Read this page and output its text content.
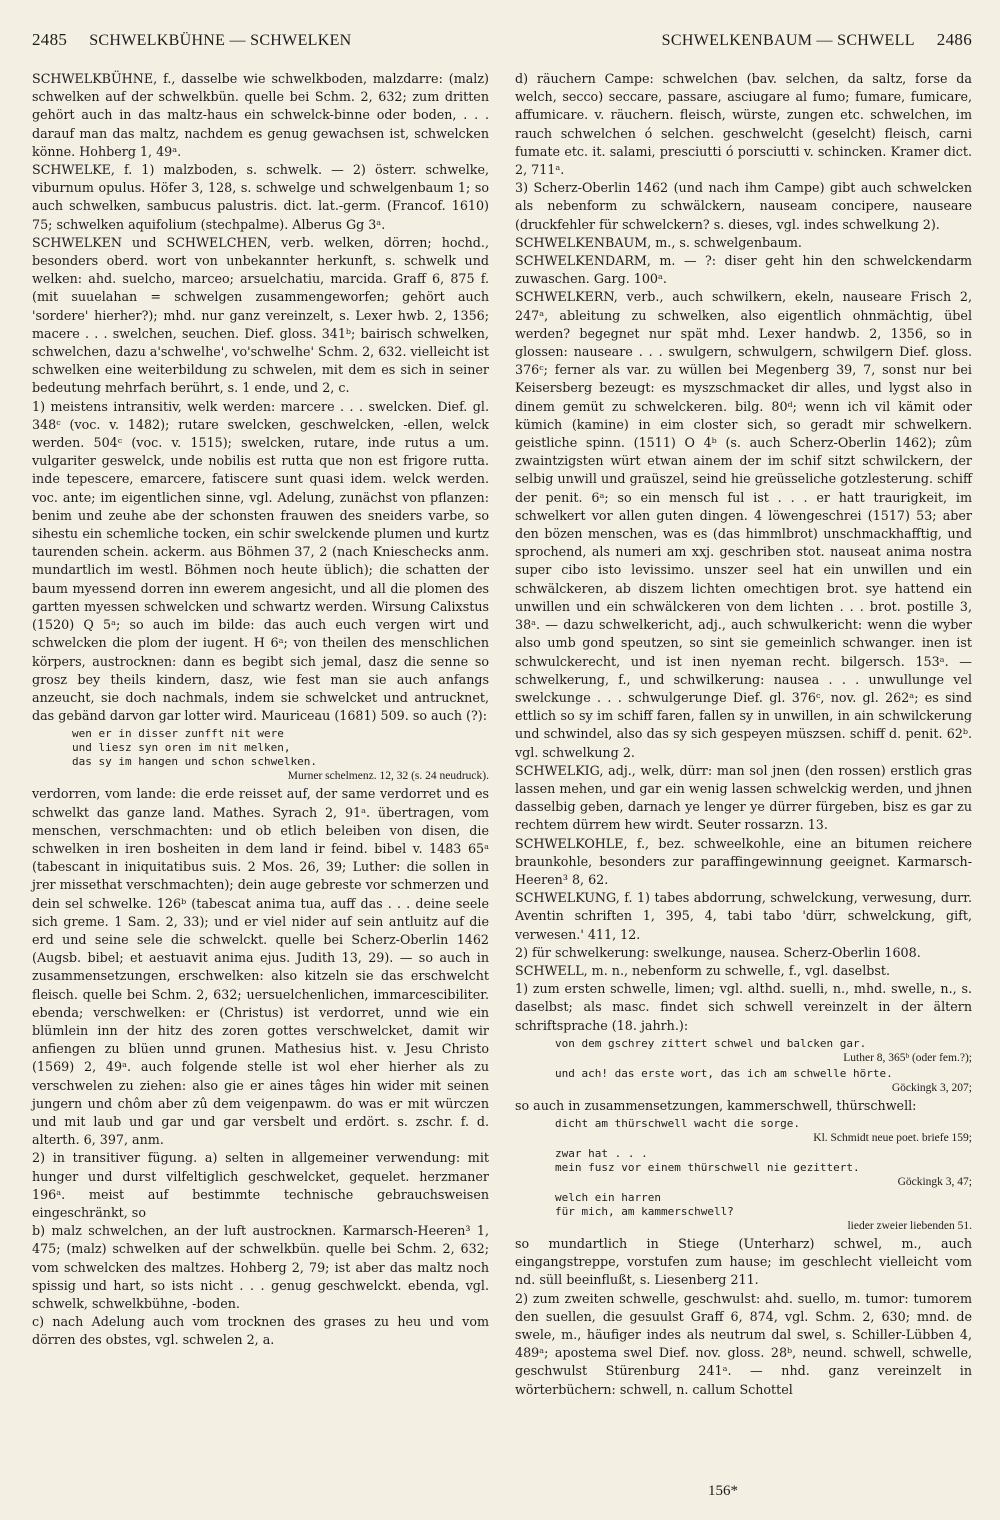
2485 SCHWELKBÜHNE — SCHWELKEN	SCHWELKENBAUM — SCHWELL 2486

SCHWELKBÜHNE, f., dasselbe wie schwelkboden, malzdarre: (malz) schwelken auf der schwelkbün. quelle bei Schm. 2, 632; zum dritten gehört auch in das maltz-haus ein schwelck-binne oder boden, . . . darauf man das maltz, nachdem es genug gewachsen ist, schwelcken könne. Hohberg 1, 49ᵃ.

SCHWELKE, f. 1) malzboden, s. schwelk. — 2) österr. schwelke, viburnum opulus. Höfer 3, 128, s. schwelge und schwelgenbaum 1; so auch schwelken, sambucus palustris. dict. lat.-germ. (Francof. 1610) 75; schwelken aquifolium (stechpalme). Alberus Gg 3ᵃ.

SCHWELKEN und SCHWELCHEN, verb. welken, dörren; hochd., besonders oberd. wort von unbekannter herkunft, s. schwelk und welken: ahd. suelcho, marceo; arsuelchatiu, marcida. Graff 6, 875 f. (mit suuelahan = schwelgen zusammengeworfen; gehört auch 'sordere' hierher?); mhd. nur ganz vereinzelt, s. Lexer hwb. 2, 1356; macere . . . swelchen, seuchen. Dief. gloss. 341ᵇ; bairisch schwelken, schwelchen, dazu a'schwelhe', vo'schwelhe' Schm. 2, 632. vielleicht ist schwelken eine weiterbildung zu schwelen, mit dem es sich in seiner bedeutung mehrfach berührt, s. 1 ende, und 2, c.

1) meistens intransitiv, welk werden: marcere . . . swelcken. Dief. gl. 348ᶜ (voc. v. 1482); rutare swelcken, geschwelcken, -ellen, welck werden. 504ᶜ (voc. v. 1515); swelcken, rutare, inde rutus a um. vulgariter geswelck, unde nobilis est rutta que non est frigore rutta. inde tepescere, emarcere, fatiscere sunt quasi idem. welck werden. voc. ante; im eigentlichen sinne, vgl. Adelung, zunächst von pflanzen: benim und zeuhe abe der schonsten frauwen des sneiders varbe, so sihestu ein schemliche tocken, ein schir swelckende plumen und kurtz taurenden schein. ackerm. aus Böhmen 37, 2 (nach Knieschecks anm. mundartlich im westl. Böhmen noch heute üblich); die schatten der baum myessend dorren inn ewerem angesicht, und all die plomen des gartten myessen schwelcken und schwartz werden. Wirsung Calixstus (1520) Q 5ᵃ; so auch im bilde: das auch euch vergen wirt und schwelcken die plom der iugent. H 6ᵃ; von theilen des menschlichen körpers, austrocknen: dann es begibt sich jemal, dasz die senne so grosz bey theils kindern, dasz, wie fest man sie auch anfangs anzeucht, sie doch nachmals, indem sie schwelcket und antrucknet, das gebänd darvon gar lotter wird. Mauriceau (1681) 509. so auch (?):

wen er in disser zunfft nit were
und liesz syn oren im nit melken,
das sy im hangen und schon schwelken.
Murner schelmenz. 12, 32 (s. 24 neudruck).

verdorren, vom lande: die erde reisset auf, der same verdorret und es schwelkt das ganze land. Mathes. Syrach 2, 91ᵃ. übertragen, vom menschen, verschmachten: und ob etlich beleiben von disen, die schwelken in iren bosheiten in dem land ir feind. bibel v. 1483 65ᵃ (tabescant in iniquitatibus suis. 2 Mos. 26, 39; Luther: die sollen in jrer missethat verschmachten); dein auge gebreste vor schmerzen und dein sel schwelke. 126ᵇ (tabescat anima tua, auff das . . . deine seele sich greme. 1 Sam. 2, 33); und er viel nider auf sein antluitz auf die erd und seine sele die schwelckt. quelle bei Scherz-Oberlin 1462 (Augsb. bibel; et aestuavit anima ejus. Judith 13, 29). — so auch in zusammensetzungen, erschwelken: also kitzeln sie das erschwelcht fleisch. quelle bei Schm. 2, 632; uersuelchenlichen, immarcescibiliter. ebenda; verschwelken: er (Christus) ist verdorret, unnd wie ein blümlein inn der hitz des zoren gottes verschwelcket, damit wir anfiengen zu blüen unnd grunen. Mathesius hist. v. Jesu Christo (1569) 2, 49ᵃ. auch folgende stelle ist wol eher hierher als zu verschwelen zu ziehen: also gie er aines tâges hin wider mit seinen jungern und chôm aber zû dem veigenpawm. do was er mit würczen und mit laub und gar und gar versbelt und erdört. s. zschr. f. d. alterth. 6, 397, anm.

2) in transitiver fügung. a) selten in allgemeiner verwendung: mit hunger und durst vilfeltiglich geschwelcket, gequelet. herzmaner 196ᵃ. meist auf bestimmte technische gebrauchsweisen eingeschränkt, so

b) malz schwelchen, an der luft austrocknen. Karmarsch-Heeren³ 1, 475; (malz) schwelken auf der schwelkbün. quelle bei Schm. 2, 632; vom schwelcken des maltzes. Hohberg 2, 79; ist aber das maltz noch spissig und hart, so ists nicht . . . genug geschwelckt. ebenda, vgl. schwelk, schwelkbühne, -boden.

c) nach Adelung auch vom trocknen des grases zu heu und vom dörren des obstes, vgl. schwelen 2, a.

d) räuchern Campe: schwelchen (bav. selchen, da saltz, forse da welch, secco) seccare, passare, asciugare al fumo; fumare, fumicare, affumicare. v. räuchern. fleisch, würste, zungen etc. schwelchen, im rauch schwelchen ó selchen. geschwelcht (geselcht) fleisch, carni fumate etc. it. salami, presciutti ó porsciutti v. schincken. Kramer dict. 2, 711ᵃ.

3) Scherz-Oberlin 1462 (und nach ihm Campe) gibt auch schwelcken als nebenform zu schwälckern, nauseam concipere, nauseare (druckfehler für schwelckern? s. dieses, vgl. indes schwelkung 2).

SCHWELKENBAUM, m., s. schwelgenbaum.

SCHWELKENDARM, m. — ?: diser geht hin den schwelckendarm zuwaschen. Garg. 100ᵃ.

SCHWELKERN, verb., auch schwilkern, ekeln, nauseare Frisch 2, 247ᵃ, ableitung zu schwelken, also eigentlich ohnmächtig, übel werden? begegnet nur spät mhd. Lexer handwb. 2, 1356, so in glossen: nauseare . . . swulgern, schwulgern, schwilgern Dief. gloss. 376ᶜ; ferner als var. zu wüllen bei Megenberg 39, 7, sonst nur bei Keisersberg bezeugt: es myszschmacket dir alles, und lygst also in dinem gemüt zu schwelckeren. bilg. 80ᵈ; wenn ich vil kämit oder kümich (kamine) in eim closter sich, so geradt mir schwelkern. geistliche spinn. (1511) O 4ᵇ (s. auch Scherz-Oberlin 1462); zûm zwaintzigsten würt etwan ainem der im schif sitzt schwilckern, der selbig unwill und graüszel, seind hie greüsseliche gotzlesterung. schiff der penit. 6ᵃ; so ein mensch ful ist . . . er hatt traurigkeit, im schwelkert vor allen guten dingen. 4 löwengeschrei (1517) 53; aber den bözen menschen, was es (das himmlbrot) unschmackhafftig, und sprochend, als numeri am xxj. geschriben stot. nauseat anima nostra super cibo isto levissimo. unszer seel hat ein unwillen und ein schwälckeren, ab diszem lichten omechtigen brot. sye hattend ein unwillen und ein schwälckeren von dem lichten . . . brot. postille 3, 38ᵃ. — dazu schwelkericht, adj., auch schwulkericht: wenn die wyber also umb gond speutzen, so sint sie gemeinlich schwanger. inen ist schwulckerecht, und ist inen nyeman recht. bilgersch. 153ᵃ. — schwelkerung, f., und schwilkerung: nausea . . . unwullunge vel swelckunge . . . schwulgerunge Dief. gl. 376ᶜ, nov. gl. 262ᵃ; es sind ettlich so sy im schiff faren, fallen sy in unwillen, in ain schwilckerung und schwindel, also das sy sich gespeyen müszsen. schiff d. penit. 62ᵇ. vgl. schwelkung 2.

SCHWELKIG, adj., welk, dürr: man sol jnen (den rossen) erstlich gras lassen mehen, und gar ein wenig lassen schwelckig werden, und jhnen dasselbig geben, darnach ye lenger ye dürrer fürgeben, bisz es gar zu rechtem dürrem hew wirdt. Seuter rossarzn. 13.

SCHWELKOHLE, f., bez. schweelkohle, eine an bitumen reichere braunkohle, besonders zur paraffingewinnung geeignet. Karmarsch-Heeren³ 8, 62.

SCHWELKUNG, f. 1) tabes abdorrung, schwelckung, verwesung, durr. Aventin schriften 1, 395, 4, tabi tabo 'dürr, schwelckung, gift, verwesen.' 411, 12.

2) für schwelkerung: swelkunge, nausea. Scherz-Oberlin 1608.

SCHWELL, m. n., nebenform zu schwelle, f., vgl. daselbst.

1) zum ersten schwelle, limen; vgl. althd. suelli, n., mhd. swelle, n., s. daselbst; als masc. findet sich schwell vereinzelt in der ältern schriftsprache (18. jahrh.):

von dem gschrey zittert schwel und balcken gar.
Luther 8, 365ᵇ (oder fem.?);
und ach! das erste wort, das ich am schwelle hörte.
Göckingk 3, 207;

so auch in zusammensetzungen, kammerschwell, thürschwell:

dicht am thürschwell wacht die sorge.
Kl. Schmidt neue poet. briefe 159;
zwar hat . . .
mein fusz vor einem thürschwell nie gezittert.
Göckingk 3, 47;
welch ein harren
für mich, am kammerschwell?
lieder zweier liebenden 51.

so mundartlich in Stiege (Unterharz) schwel, m., auch eingangstreppe, vorstufen zum hause; im geschlecht vielleicht vom nd. süll beeinflußt, s. Liesenberg 211.

2) zum zweiten schwelle, geschwulst: ahd. suello, m. tumor: tumorem den suellen, die gesuulst Graff 6, 874, vgl. Schm. 2, 630; mnd. de swele, m., häufiger indes als neutrum dal swel, s. Schiller-Lübben 4, 489ᵃ; apostema swel Dief. nov. gloss. 28ᵇ, neund. schwell, schwelle, geschwulst Stürenburg 241ᵃ. — nhd. ganz vereinzelt in wörterbüchern: schwell, n. callum Schottel

156*
